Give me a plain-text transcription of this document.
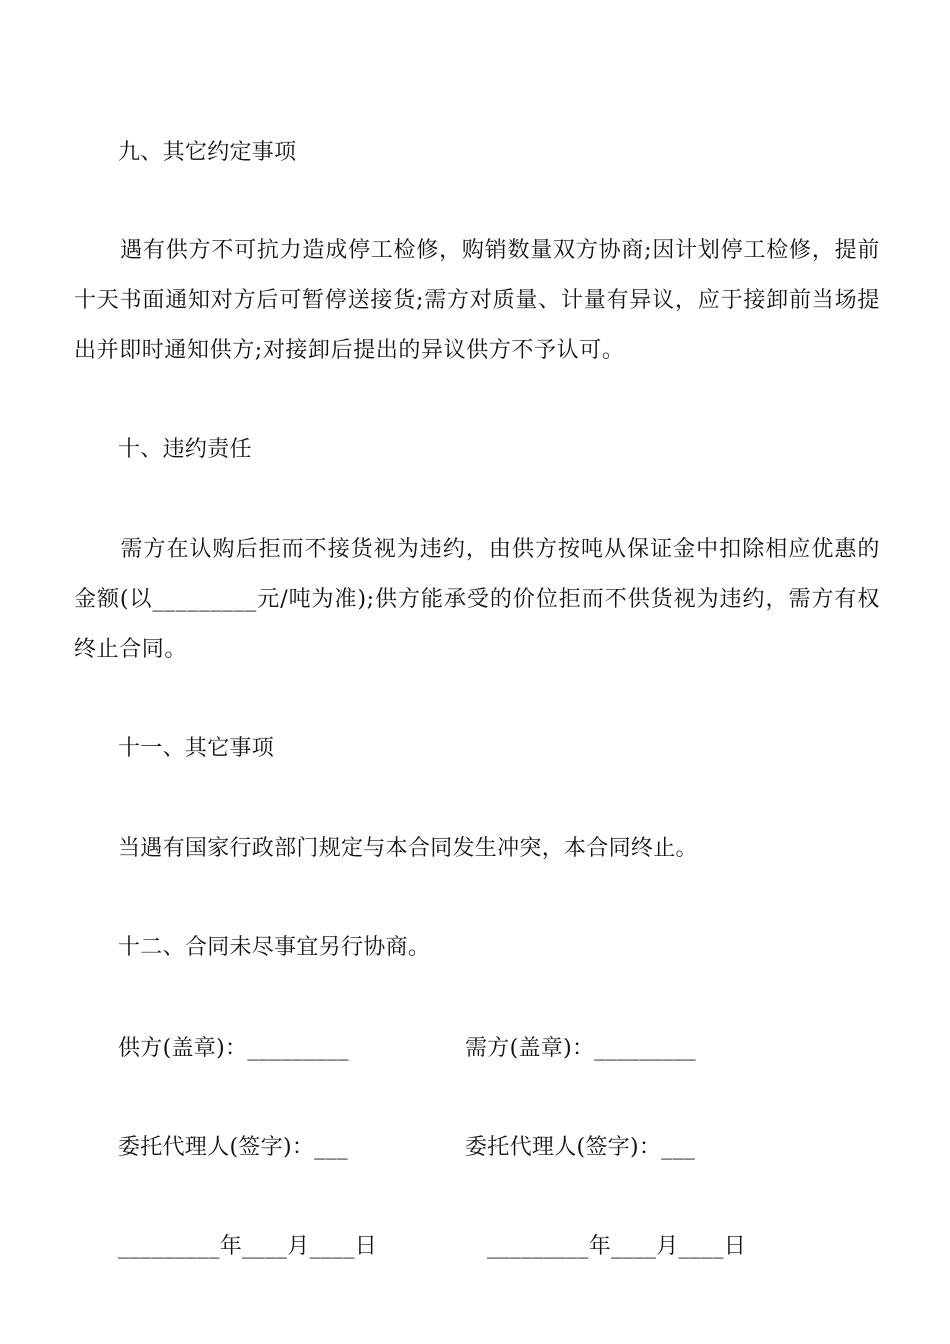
九、其它约定事项
遇有供方不可抗力造成停工检修，购销数量双方协商;因计划停工检修，提前十天书面通知对方后可暂停送接货;需方对质量、计量有异议，应于接卸前当场提出并即时通知供方;对接卸后提出的异议供方不予认可。
十、违约责任
需方在认购后拒而不接货视为违约，由供方按吨从保证金中扣除相应优惠的金额(以_________元/吨为准);供方能承受的价位拒而不供货视为违约，需方有权终止合同。
十一、其它事项
当遇有国家行政部门规定与本合同发生冲突，本合同终止。
十二、合同未尽事宜另行协商。
供方(盖章)：_________	需方(盖章)：_________
委托代理人(签字)：___	委托代理人(签字)：___
_________年____月____日	_________年____月____日
